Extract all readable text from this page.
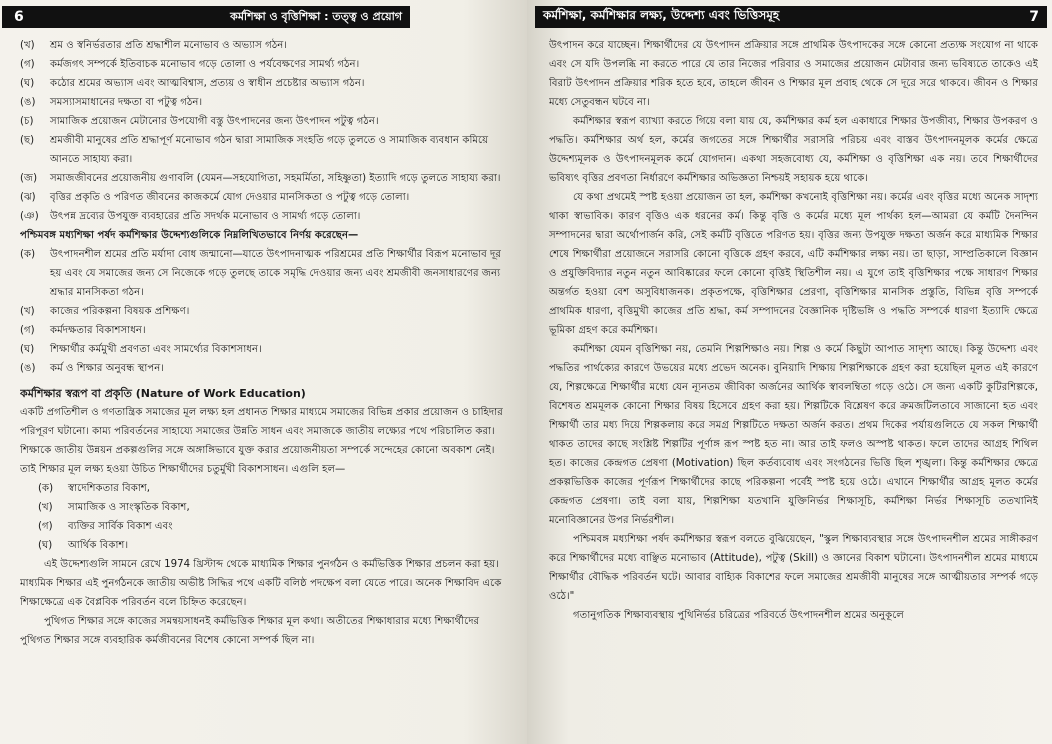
6	কর্মশিক্ষা ও বৃত্তিশিক্ষা : তত্ত্ব ও প্রয়োগ
(খ)	শ্রম ও স্বনির্ভরতার প্রতি শ্রদ্ধাশীল মনোভাব ও অভ্যাস গঠন।
(গ)	কর্মজগৎ সম্পর্কে ইতিবাচক মনোভাব গড়ে তোলা ও পর্যবেক্ষণের সামর্থ্য গঠন।
(ঘ)	কঠোর শ্রমের অভ্যাস এবং আত্মবিশ্বাস, প্রত্যয় ও স্বাধীন প্রচেষ্টার অভ্যাস গঠন।
(ঙ)	সমস্যাসমাধানের দক্ষতা বা পটুত্ব গঠন।
(চ)	সামাজিক প্রয়োজন মেটানোর উপযোগী বস্তু উৎপাদনের জন্য উৎপাদন পটুত্ব গঠন।
(ছ)	শ্রমজীবী মানুষের প্রতি শ্রদ্ধাপূর্ণ মনোভাব গঠন দ্বারা সামাজিক সংহতি গড়ে তুলতে ও সামাজিক ব্যবধান কমিয়ে আনতে সাহায্য করা।
(জ)	সমাজজীবনের প্রয়োজনীয় গুণাবলি (যেমন—সহযোগিতা, সহমর্মিতা, সহিষ্ণুতা) ইত্যাদি গড়ে তুলতে সাহায্য করা।
(ঝ)	বৃত্তির প্রকৃতি ও পরিণত জীবনের কাজকর্মে যোগ দেওয়ার মানসিকতা ও পটুত্ব গড়ে তোলা।
(ঞ)	উৎপন্ন দ্রব্যের উপযুক্ত ব্যবহারের প্রতি সদর্থক মনোভাব ও সামর্থ্য গড়ে তোলা।
পশ্চিমবঙ্গ মধ্যশিক্ষা পর্ষদ কর্মশিক্ষার উদ্দেশ্যগুলিকে নিম্নলিখিতভাবে নির্ণয় করেছেন—
(ক)	উৎপাদনশীল শ্রমের প্রতি মর্যাদা বোধ জন্মানো—যাতে উৎপাদনাত্মক পরিশ্রমের প্রতি শিক্ষার্থীর বিরূপ মনোভাব দূর হয় এবং যে সমাজের জন্য সে নিজেকে গড়ে তুলছে তাকে সমৃদ্ধি দেওয়ার জন্য এবং শ্রমজীবী জনসাধারণের জন্য শ্রদ্ধার মানসিকতা গঠন।
(খ)	কাজের পরিকল্পনা বিষয়ক প্রশিক্ষণ।
(গ)	কর্মদক্ষতার বিকাশসাধন।
(ঘ)	শিক্ষার্থীর কর্মমুখী প্রবণতা এবং সামর্থ্যের বিকাশসাধন।
(ঙ)	কর্ম ও শিক্ষার অনুবন্ধ স্থাপন।
কর্মশিক্ষার স্বরূপ বা প্রকৃতি (Nature of Work Education)

একটি প্রগতিশীল ও গণতান্ত্রিক সমাজের মূল লক্ষ্য হল প্রধানত শিক্ষার মাধ্যমে সমাজের বিভিন্ন প্রকার প্রয়োজন ও চাহিদার পরিপূরণ ঘটানো। কাম্য পরিবর্তনের সাহায্যে সমাজের উন্নতি সাধন এবং সমাজকে জাতীয় লক্ষ্যের পথে পরিচালিত করা। শিক্ষাকে জাতীয় উন্নয়ন প্রকল্পগুলির সঙ্গে অঙ্গাঙ্গিভাবে যুক্ত করার প্রয়োজনীয়তা সম্পর্কে সন্দেহের কোনো অবকাশ নেই। তাই শিক্ষার মূল লক্ষ্য হওয়া উচিত শিক্ষার্থীদের চতুর্মুখী বিকাশসাধন। এগুলি হল—

(ক)	স্বাদেশিকতার বিকাশ,
(খ)	সামাজিক ও সাংস্কৃতিক বিকাশ,
(গ)	ব্যক্তির সার্বিক বিকাশ এবং
(ঘ)	আর্থিক বিকাশ।

এই উদ্দেশ্যগুলি সামনে রেখে 1974 খ্রিস্টাব্দ থেকে মাধ্যমিক শিক্ষার পুনর্গঠন ও কর্মভিত্তিক শিক্ষার প্রচলন করা হয়। মাধ্যমিক শিক্ষার এই পুনর্গঠনকে জাতীয় অভীষ্ট সিদ্ধির পথে একটি বলিষ্ঠ পদক্ষেপ বলা যেতে পারে। অনেক শিক্ষাবিদ একে শিক্ষাক্ষেত্রে এক বৈপ্লবিক পরিবর্তন বলে চিহ্নিত করেছেন।

পুথিগত শিক্ষার সঙ্গে কাজের সমন্বয়সাধনই কর্মভিত্তিক শিক্ষার মূল কথা। অতীতের শিক্ষাধারার মধ্যে শিক্ষার্থীদের পুথিগত শিক্ষার সঙ্গে ব্যবহারিক কর্মজীবনের বিশেষ কোনো সম্পর্ক ছিল না।

কর্মশিক্ষা, কর্মশিক্ষার লক্ষ্য, উদ্দেশ্য এবং ভিত্তিসমূহ	7

উৎপাদন করে যাচ্ছেন। শিক্ষার্থীদের যে উৎপাদন প্রক্রিয়ার সঙ্গে প্রাথমিক উৎপাদকের সঙ্গে কোনো প্রত্যক্ষ সংযোগ না থাকে এবং সে যদি উপলব্ধি না করতে পারে যে তার নিজের পরিবার ও সমাজের প্রয়োজন মেটাবার জন্য ভবিষ্যতে তাকেও এই বিরাট উৎপাদন প্রক্রিয়ার শরিক হতে হবে, তাহলে জীবন ও শিক্ষার মূল প্রবাহ থেকে সে দূরে সরে থাকবে। জীবন ও শিক্ষার মধ্যে সেতুবন্ধন ঘটবে না।

কর্মশিক্ষার স্বরূপ ব্যাখ্যা করতে গিয়ে বলা যায় যে, কর্মশিক্ষার কর্ম হল একাধারে শিক্ষার উপজীব্য, শিক্ষার উপকরণ ও পদ্ধতি। কর্মশিক্ষার অর্থ হল, কর্মের জগতের সঙ্গে শিক্ষার্থীর সরাসরি পরিচয় এবং বাস্তব উৎপাদনমূলক কর্মের ক্ষেত্রে উদ্দেশ্যমূলক ও উৎপাদনমূলক কর্মে যোগদান। একথা সহজবোধ্য যে, কর্মশিক্ষা ও বৃত্তিশিক্ষা এক নয়। তবে শিক্ষার্থীদের ভবিষ্যৎ বৃত্তির প্রবণতা নির্ধারণে কর্মশিক্ষার অভিজ্ঞতা নিশ্চয়ই সহায়ক হয়ে থাকে।

যে কথা প্রথমেই স্পষ্ট হওয়া প্রয়োজন তা হল, কর্মশিক্ষা কখনোই বৃত্তিশিক্ষা নয়। কর্মের এবং বৃত্তির মধ্যে অনেক সাদৃশ্য থাকা স্বাভাবিক। কারণ বৃত্তিও এক ধরনের কর্ম। কিন্তু বৃত্তি ও কর্মের মধ্যে মূল পার্থক্য হল—আমরা যে কর্মটি দৈনন্দিন সম্পাদনের দ্বারা অর্থোপার্জন করি, সেই কর্মটি বৃত্তিতে পরিণত হয়। বৃত্তির জন্য উপযুক্ত দক্ষতা অর্জন করে মাধ্যমিক শিক্ষার শেষে শিক্ষার্থীরা প্রয়োজনে সরাসরি কোনো বৃত্তিকে গ্রহণ করবে, এটি কর্মশিক্ষার লক্ষ্য নয়। তা ছাড়া, সাম্প্রতিকালে বিজ্ঞান ও প্রযুক্তিবিদ্যার নতুন নতুন আবিষ্কারের ফলে কোনো বৃত্তিই স্থিতিশীল নয়। এ যুগে তাই বৃত্তিশিক্ষার পক্ষে সাধারণ শিক্ষার অন্তর্গত হওয়া বেশ অসুবিধাজনক। প্রকৃতপক্ষে, বৃত্তিশিক্ষার প্রেরণা, বৃত্তিশিক্ষার মানসিক প্রস্তুতি, বিভিন্ন বৃত্তি সম্পর্কে প্রাথমিক ধারণা, বৃত্তিমুখী কাজের প্রতি শ্রদ্ধা, কর্ম সম্পাদনের বৈজ্ঞানিক দৃষ্টিভঙ্গি ও পদ্ধতি সম্পর্কে ধারণা ইত্যাদি ক্ষেত্রে ভূমিকা গ্রহণ করে কর্মশিক্ষা।

কর্মশিক্ষা যেমন বৃত্তিশিক্ষা নয়, তেমনি শিল্পশিক্ষাও নয়। শিল্প ও কর্মে কিছুটা আপাত সাদৃশ্য আছে। কিন্তু উদ্দেশ্য এবং পদ্ধতির পার্থক্যের কারণে উভয়ের মধ্যে প্রভেদ অনেক। বুনিয়াদি শিক্ষায় শিল্পশিক্ষাকে গ্রহণ করা হয়েছিল মূলত এই কারণে যে, শিল্পক্ষেত্রে শিক্ষার্থীর মধ্যে যেন ন্যূনতম জীবিকা অর্জনের আর্থিক স্বাবলম্বিতা গড়ে ওঠে। সে জন্য একটি কুটিরশিল্পকে, বিশেষত শ্রমমূলক কোনো শিক্ষার বিষয় হিসেবে গ্রহণ করা হয়। শিল্পটিকে বিশ্লেষণ করে ক্রমজটিলতাবে সাজানো হত এবং শিক্ষার্থী তার মধ্য দিয়ে শিল্পকলায় করে সমগ্র শিল্পটিতে দক্ষতা অর্জন করত। প্রথম দিকের পর্যায়গুলিতে যে সকল শিক্ষার্থী থাকত তাদের কাছে সংশ্লিষ্ট শিল্পটির পূর্ণাঙ্গ রূপ স্পষ্ট হত না। আর তাই ফলও অস্পষ্ট থাকত। ফলে তাদের আগ্রহ শিথিল হত। কাজের কেন্দ্রগত প্রেষণা (Motivation) ছিল কর্তব্যবোধ এবং সংগঠনের ভিত্তি ছিল শৃঙ্খলা। কিন্তু কর্মশিক্ষার ক্ষেত্রে প্রকল্পভিত্তিক কাজের পূর্ণরূপ শিক্ষার্থীদের কাছে পরিকল্পনা পর্বেই স্পষ্ট হয়ে ওঠে। এখানে শিক্ষার্থীর আগ্রহ মূলত কর্মের কেন্দ্রগত প্রেষণা। তাই বলা যায়, শিল্পশিক্ষা যতখানি যুক্তিনির্ভর শিক্ষাসূচি, কর্মশিক্ষা নির্ভর শিক্ষাসূচি ততখানিই মনোবিজ্ঞানের উপর নির্ভরশীল।

পশ্চিমবঙ্গ মধ্যশিক্ষা পর্ষদ কর্মশিক্ষার স্বরূপ বলতে বুঝিয়েছেন, "স্কুল শিক্ষাব্যবস্থার সঙ্গে উৎপাদনশীল শ্রমের সাঙ্গীকরণ করে শিক্ষার্থীদের মধ্যে বাঞ্ছিত মনোভাব (Attitude), পটুত্ব (Skill) ও জ্ঞানের বিকাশ ঘটানো। উৎপাদনশীল শ্রমের মাধ্যমে শিক্ষার্থীর বৌদ্ধিক পরিবর্তন ঘটে। আবার বাহ্যিক বিকাশের ফলে সমাজের শ্রমজীবী মানুষের সঙ্গে আত্মীয়তার সম্পর্ক গড়ে ওঠে।"

গতানুগতিক শিক্ষাব্যবস্থায় পুথিনির্ভর চরিত্রের পরিবর্তে উৎপাদনশীল শ্রমের অনুকূলে
